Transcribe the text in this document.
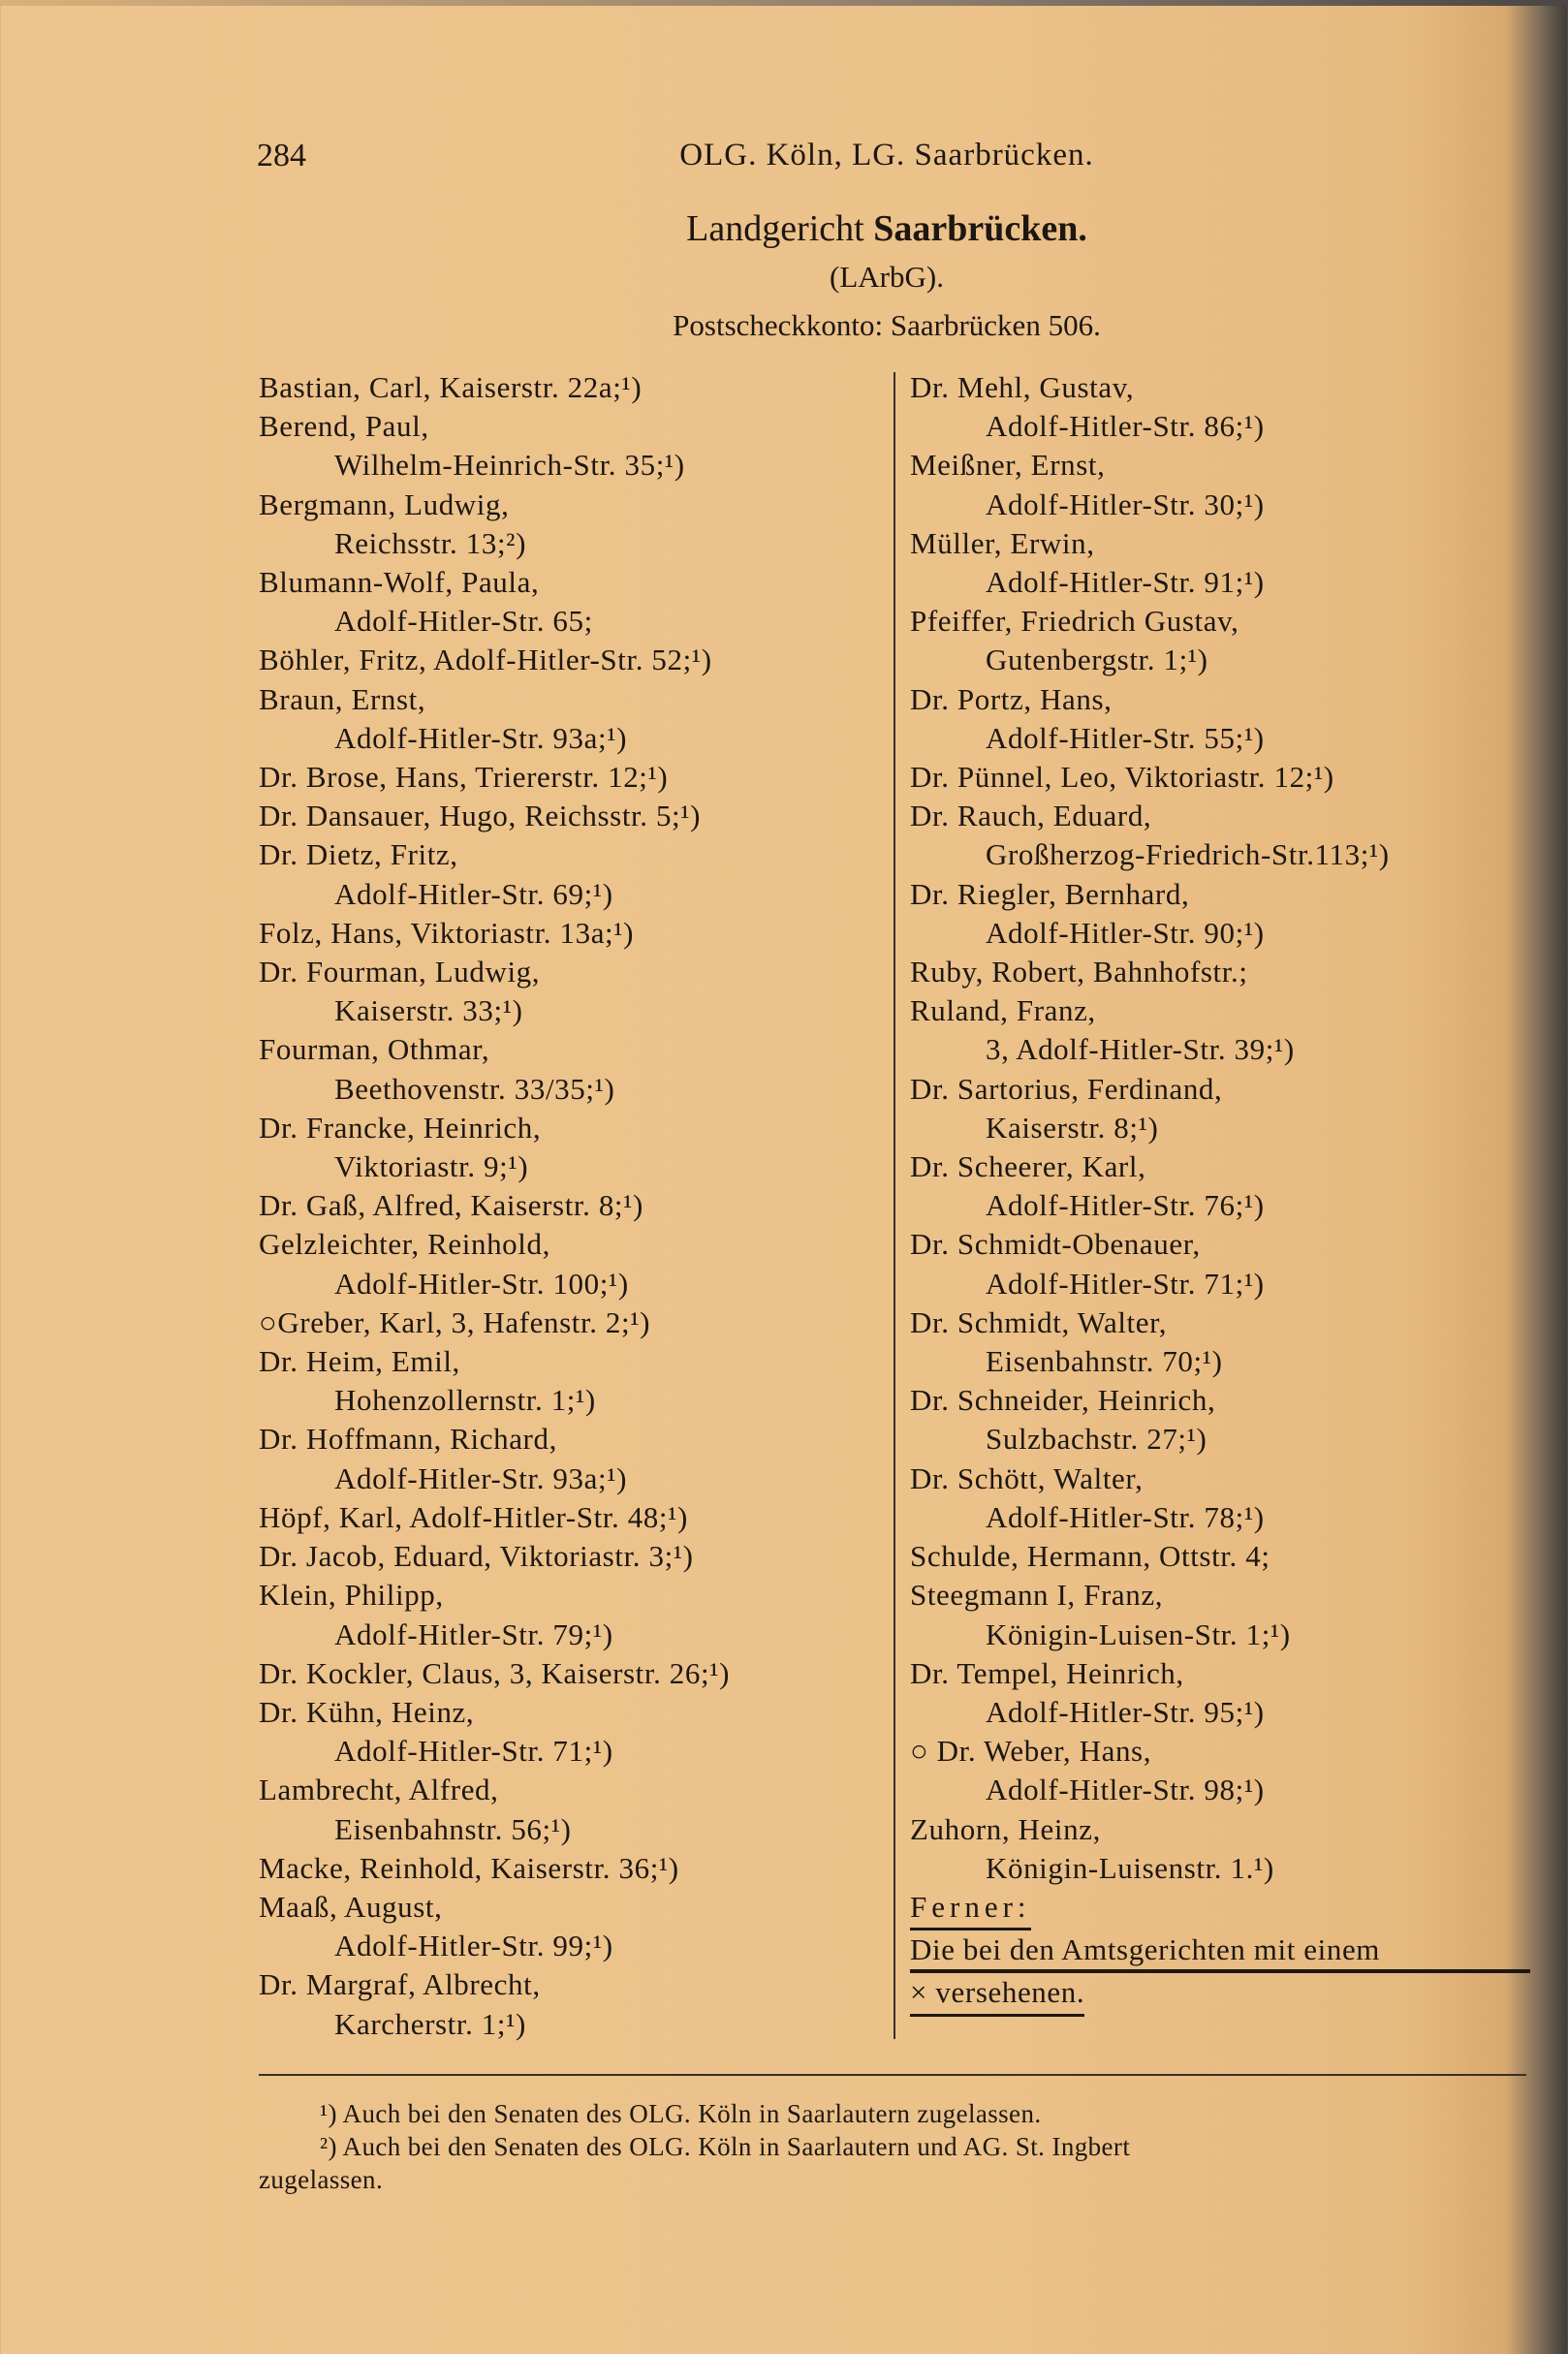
284	OLG. Köln, LG. Saarbrücken.
Landgericht Saarbrücken.
(LArbG).
Postscheckkonto: Saarbrücken 506.
Bastian, Carl, Kaiserstr. 22a;¹)
Berend, Paul,
Wilhelm-Heinrich-Str. 35;¹)
Bergmann, Ludwig,
Reichsstr. 13;²)
Blumann-Wolf, Paula,
Adolf-Hitler-Str. 65;
Böhler, Fritz, Adolf-Hitler-Str. 52;¹)
Braun, Ernst,
Adolf-Hitler-Str. 93a;¹)
Dr. Brose, Hans, Triererstr. 12;¹)
Dr. Dansauer, Hugo, Reichsstr. 5;¹)
Dr. Dietz, Fritz,
Adolf-Hitler-Str. 69;¹)
Folz, Hans, Viktoriastr. 13a;¹)
Dr. Fourman, Ludwig,
Kaiserstr. 33;¹)
Fourman, Othmar,
Beethovenstr. 33/35;¹)
Dr. Francke, Heinrich,
Viktoriastr. 9;¹)
Dr. Gaß, Alfred, Kaiserstr. 8;¹)
Gelzleichter, Reinhold,
Adolf-Hitler-Str. 100;¹)
○Greber, Karl, 3, Hafenstr. 2;¹)
Dr. Heim, Emil,
Hohenzollernstr. 1;¹)
Dr. Hoffmann, Richard,
Adolf-Hitler-Str. 93a;¹)
Höpf, Karl, Adolf-Hitler-Str. 48;¹)
Dr. Jacob, Eduard, Viktoriastr. 3;¹)
Klein, Philipp,
Adolf-Hitler-Str. 79;¹)
Dr. Kockler, Claus, 3, Kaiserstr. 26;¹)
Dr. Kühn, Heinz,
Adolf-Hitler-Str. 71;¹)
Lambrecht, Alfred,
Eisenbahnstr. 56;¹)
Macke, Reinhold, Kaiserstr. 36;¹)
Maaß, August,
Adolf-Hitler-Str. 99;¹)
Dr. Margraf, Albrecht,
Karcherstr. 1;¹)
Dr. Mehl, Gustav,
Adolf-Hitler-Str. 86;¹)
Meißner, Ernst,
Adolf-Hitler-Str. 30;¹)
Müller, Erwin,
Adolf-Hitler-Str. 91;¹)
Pfeiffer, Friedrich Gustav,
Gutenbergstr. 1;¹)
Dr. Portz, Hans,
Adolf-Hitler-Str. 55;¹)
Dr. Pünnel, Leo, Viktoriastr. 12;¹)
Dr. Rauch, Eduard,
Großherzog-Friedrich-Str.113;¹)
Dr. Riegler, Bernhard,
Adolf-Hitler-Str. 90;¹)
Ruby, Robert, Bahnhofstr.;
Ruland, Franz,
3, Adolf-Hitler-Str. 39;¹)
Dr. Sartorius, Ferdinand,
Kaiserstr. 8;¹)
Dr. Scheerer, Karl,
Adolf-Hitler-Str. 76;¹)
Dr. Schmidt-Obenauer,
Adolf-Hitler-Str. 71;¹)
Dr. Schmidt, Walter,
Eisenbahnstr. 70;¹)
Dr. Schneider, Heinrich,
Sulzbachstr. 27;¹)
Dr. Schött, Walter,
Adolf-Hitler-Str. 78;¹)
Schulde, Hermann, Ottstr. 4;
Steegmann I, Franz,
Königin-Luisen-Str. 1;¹)
Dr. Tempel, Heinrich,
Adolf-Hitler-Str. 95;¹)
○ Dr. Weber, Hans,
Adolf-Hitler-Str. 98;¹)
Zuhorn, Heinz,
Königin-Luisenstr. 1.¹)
Ferner:
Die bei den Amtsgerichten mit einem
× versehenen.
¹) Auch bei den Senaten des OLG. Köln in Saarlautern zugelassen.
²) Auch bei den Senaten des OLG. Köln in Saarlautern und AG. St. Ingbert
zugelassen.
